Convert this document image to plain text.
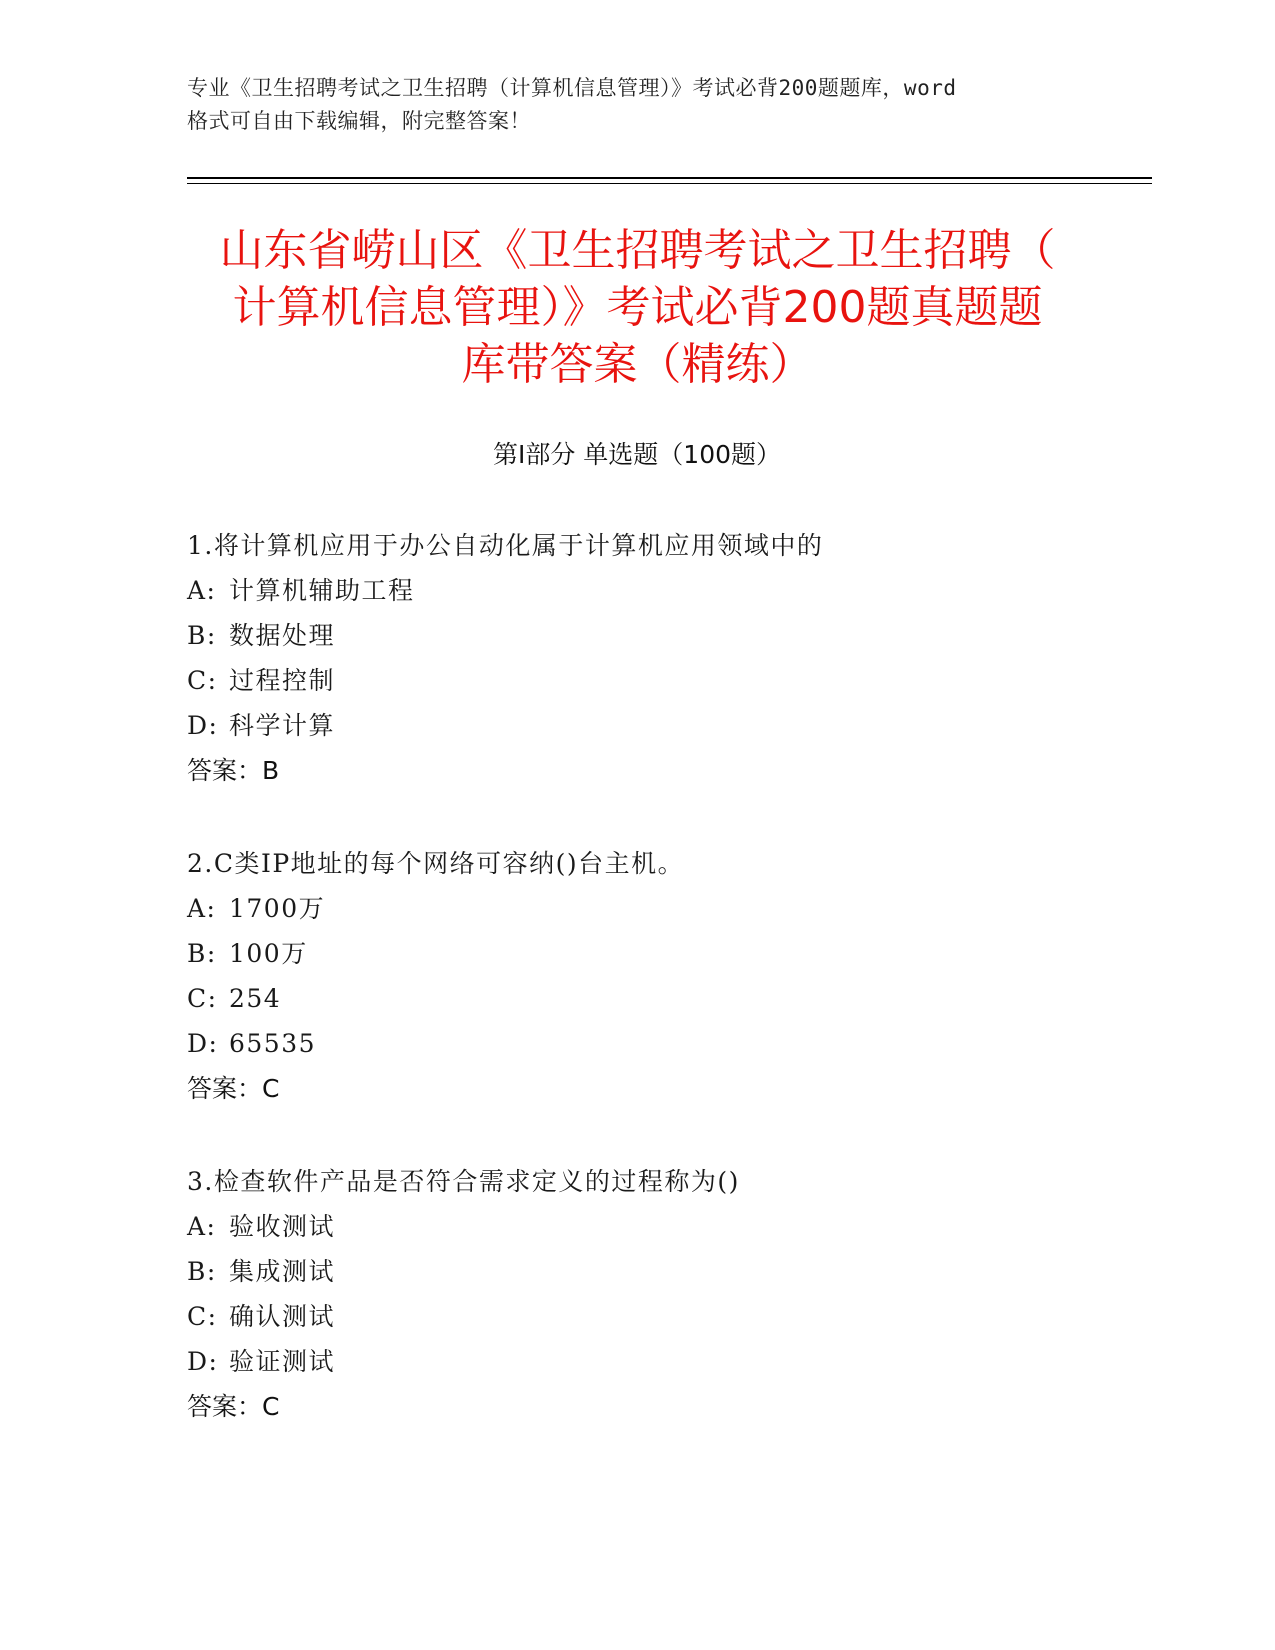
专业《卫生招聘考试之卫生招聘（计算机信息管理）》考试必背200题题库，word
格式可自由下载编辑，附完整答案！
山东省崂山区《卫生招聘考试之卫生招聘（
计算机信息管理）》考试必背200题真题题
库带答案（精练）
第Ⅰ部分 单选题（100题）
1.将计算机应用于办公自动化属于计算机应用领域中的
A: 计算机辅助工程
B: 数据处理
C: 过程控制
D: 科学计算
答案：B
2.C类IP地址的每个网络可容纳()台主机。
A: 1700万
B: 100万
C: 254
D: 65535
答案：C
3.检查软件产品是否符合需求定义的过程称为()
A: 验收测试
B: 集成测试
C: 确认测试
D: 验证测试
答案：C
